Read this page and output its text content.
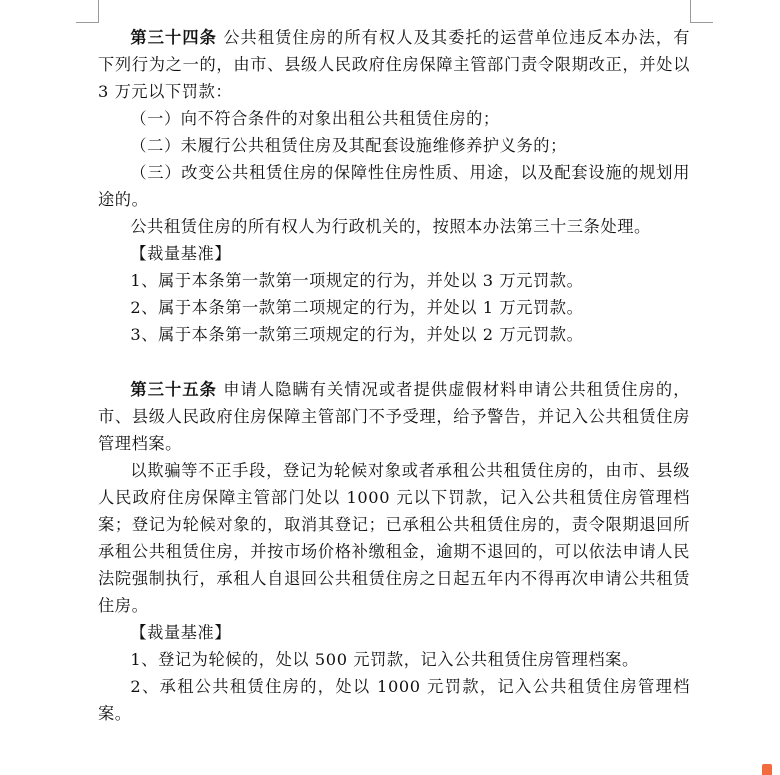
第三十四条 公共租赁住房的所有权人及其委托的运营单位违反本办法，有下列行为之一的，由市、县级人民政府住房保障主管部门责令限期改正，并处以 3 万元以下罚款：

（一）向不符合条件的对象出租公共租赁住房的；

（二）未履行公共租赁住房及其配套设施维修养护义务的；

（三）改变公共租赁住房的保障性住房性质、用途，以及配套设施的规划用途的。

公共租赁住房的所有权人为行政机关的，按照本办法第三十三条处理。

【裁量基准】

1、属于本条第一款第一项规定的行为，并处以 3 万元罚款。

2、属于本条第一款第二项规定的行为，并处以 1 万元罚款。

3、属于本条第一款第三项规定的行为，并处以 2 万元罚款。

第三十五条 申请人隐瞒有关情况或者提供虚假材料申请公共租赁住房的，市、县级人民政府住房保障主管部门不予受理，给予警告，并记入公共租赁住房管理档案。

以欺骗等不正手段，登记为轮候对象或者承租公共租赁住房的，由市、县级人民政府住房保障主管部门处以 1000 元以下罚款，记入公共租赁住房管理档案；登记为轮候对象的，取消其登记；已承租公共租赁住房的，责令限期退回所承租公共租赁住房，并按市场价格补缴租金，逾期不退回的，可以依法申请人民法院强制执行，承租人自退回公共租赁住房之日起五年内不得再次申请公共租赁住房。

【裁量基准】

1、登记为轮候的，处以 500 元罚款，记入公共租赁住房管理档案。

2、承租公共租赁住房的，处以 1000 元罚款，记入公共租赁住房管理档案。
